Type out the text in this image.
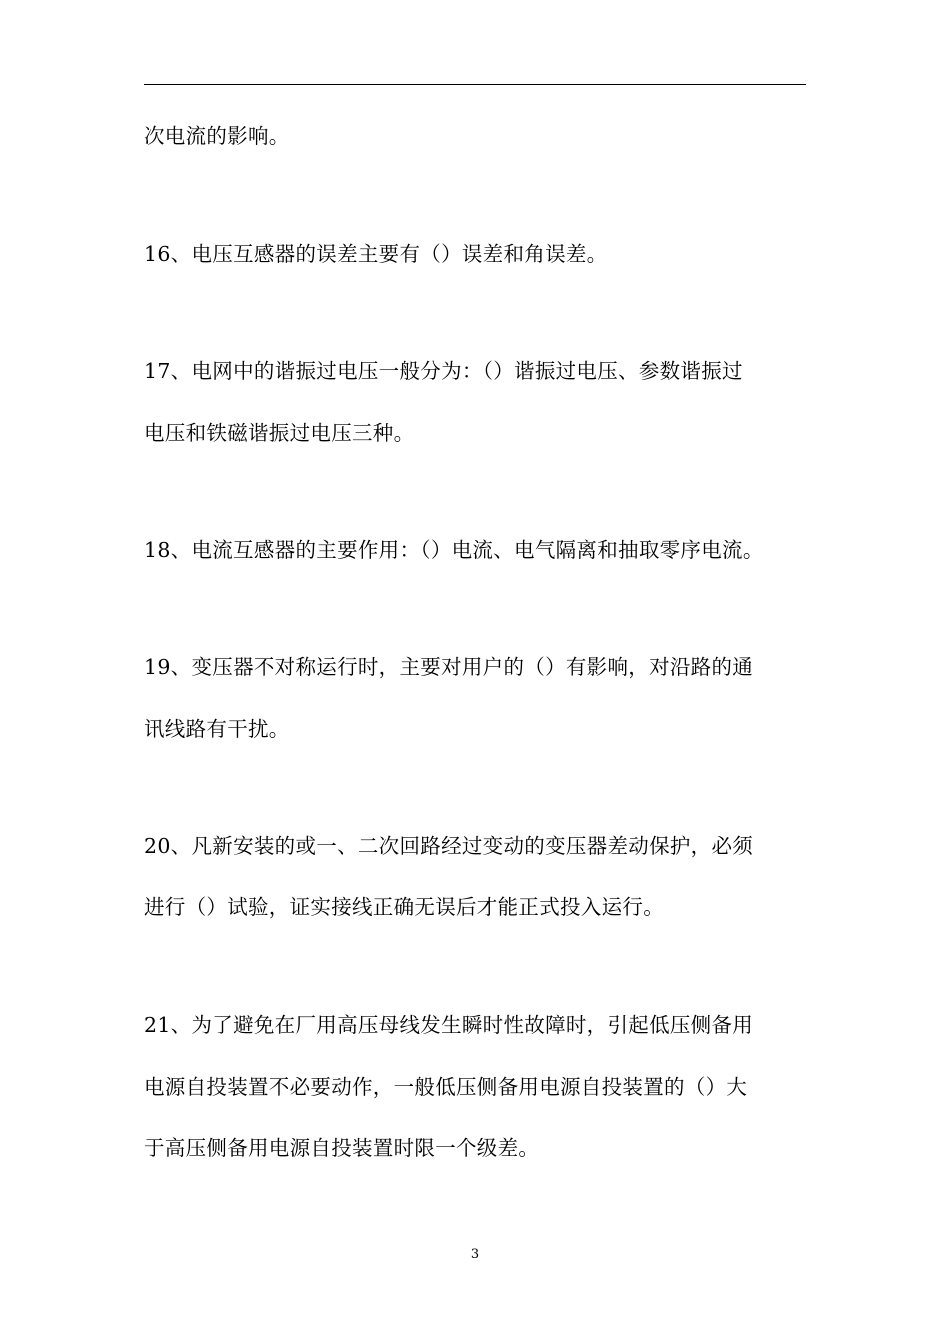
次电流的影响。
16、电压互感器的误差主要有（）误差和角误差。
17、电网中的谐振过电压一般分为：（）谐振过电压、参数谐振过
电压和铁磁谐振过电压三种。
18、电流互感器的主要作用：（）电流、电气隔离和抽取零序电流。
19、变压器不对称运行时，主要对用户的（）有影响，对沿路的通
讯线路有干扰。
20、凡新安装的或一、二次回路经过变动的变压器差动保护，必须
进行（）试验，证实接线正确无误后才能正式投入运行。
21、为了避免在厂用高压母线发生瞬时性故障时，引起低压侧备用
电源自投装置不必要动作，一般低压侧备用电源自投装置的（）大
于高压侧备用电源自投装置时限一个级差。
3
